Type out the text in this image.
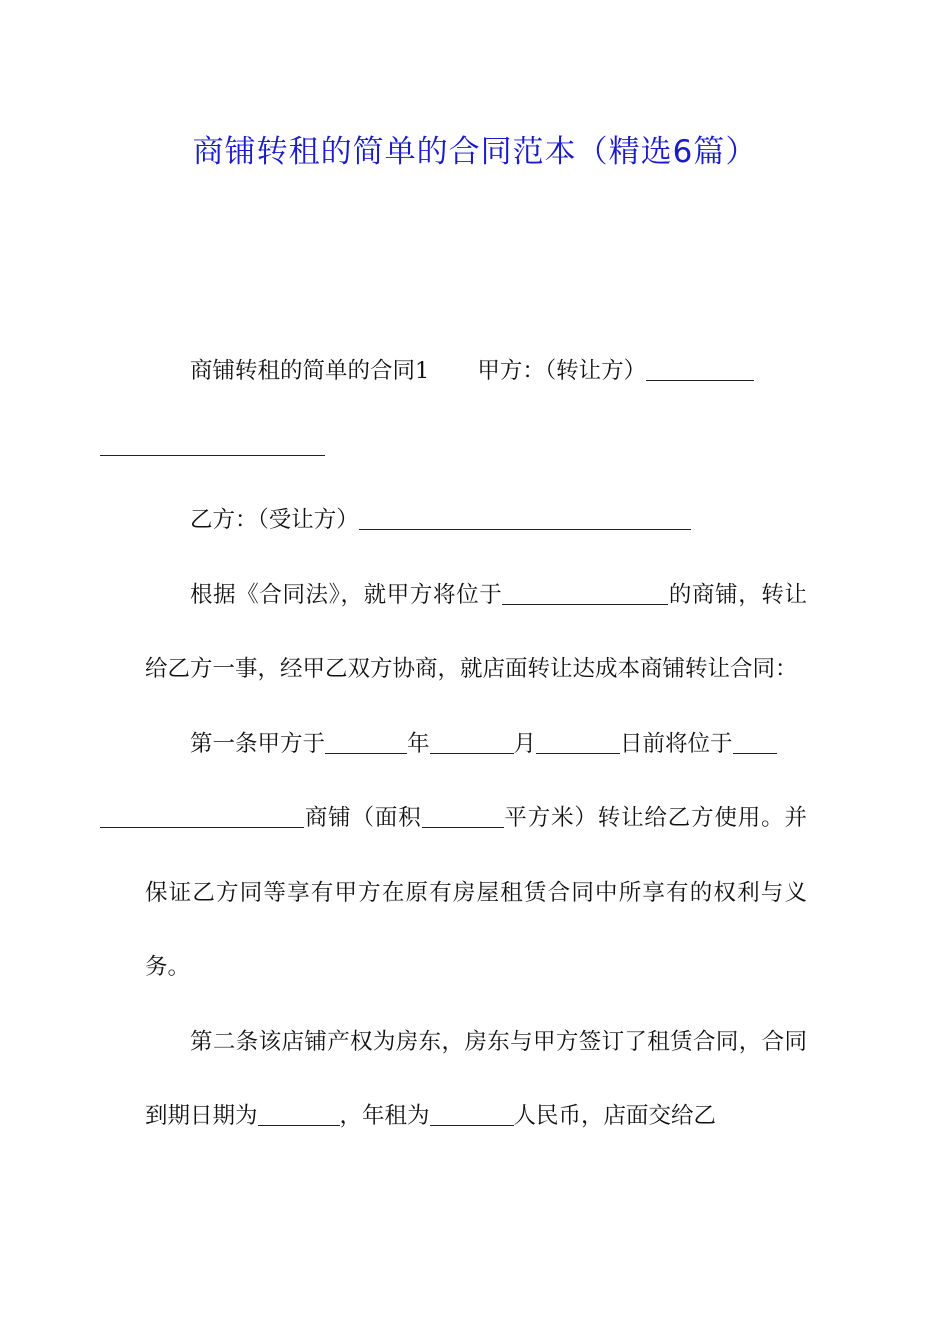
商铺转租的简单的合同范本（精选6篇）

商铺转租的简单的合同1 甲方：（转让方）

乙方：（受让方）

根据《合同法》，就甲方将位于	的商铺，转让给乙方一事，经甲乙双方协商，就店面转让达成本商铺转让合同：

第一条甲方于	年	月	日前将位于
商铺（面积	平方米）转让给乙方使用。并保证乙方同等享有甲方在原有房屋租赁合同中所享有的权利与义务。

第二条该店铺产权为房东，房东与甲方签订了租赁合同，合同到期日期为	，年租为	人民币，店面交给乙
